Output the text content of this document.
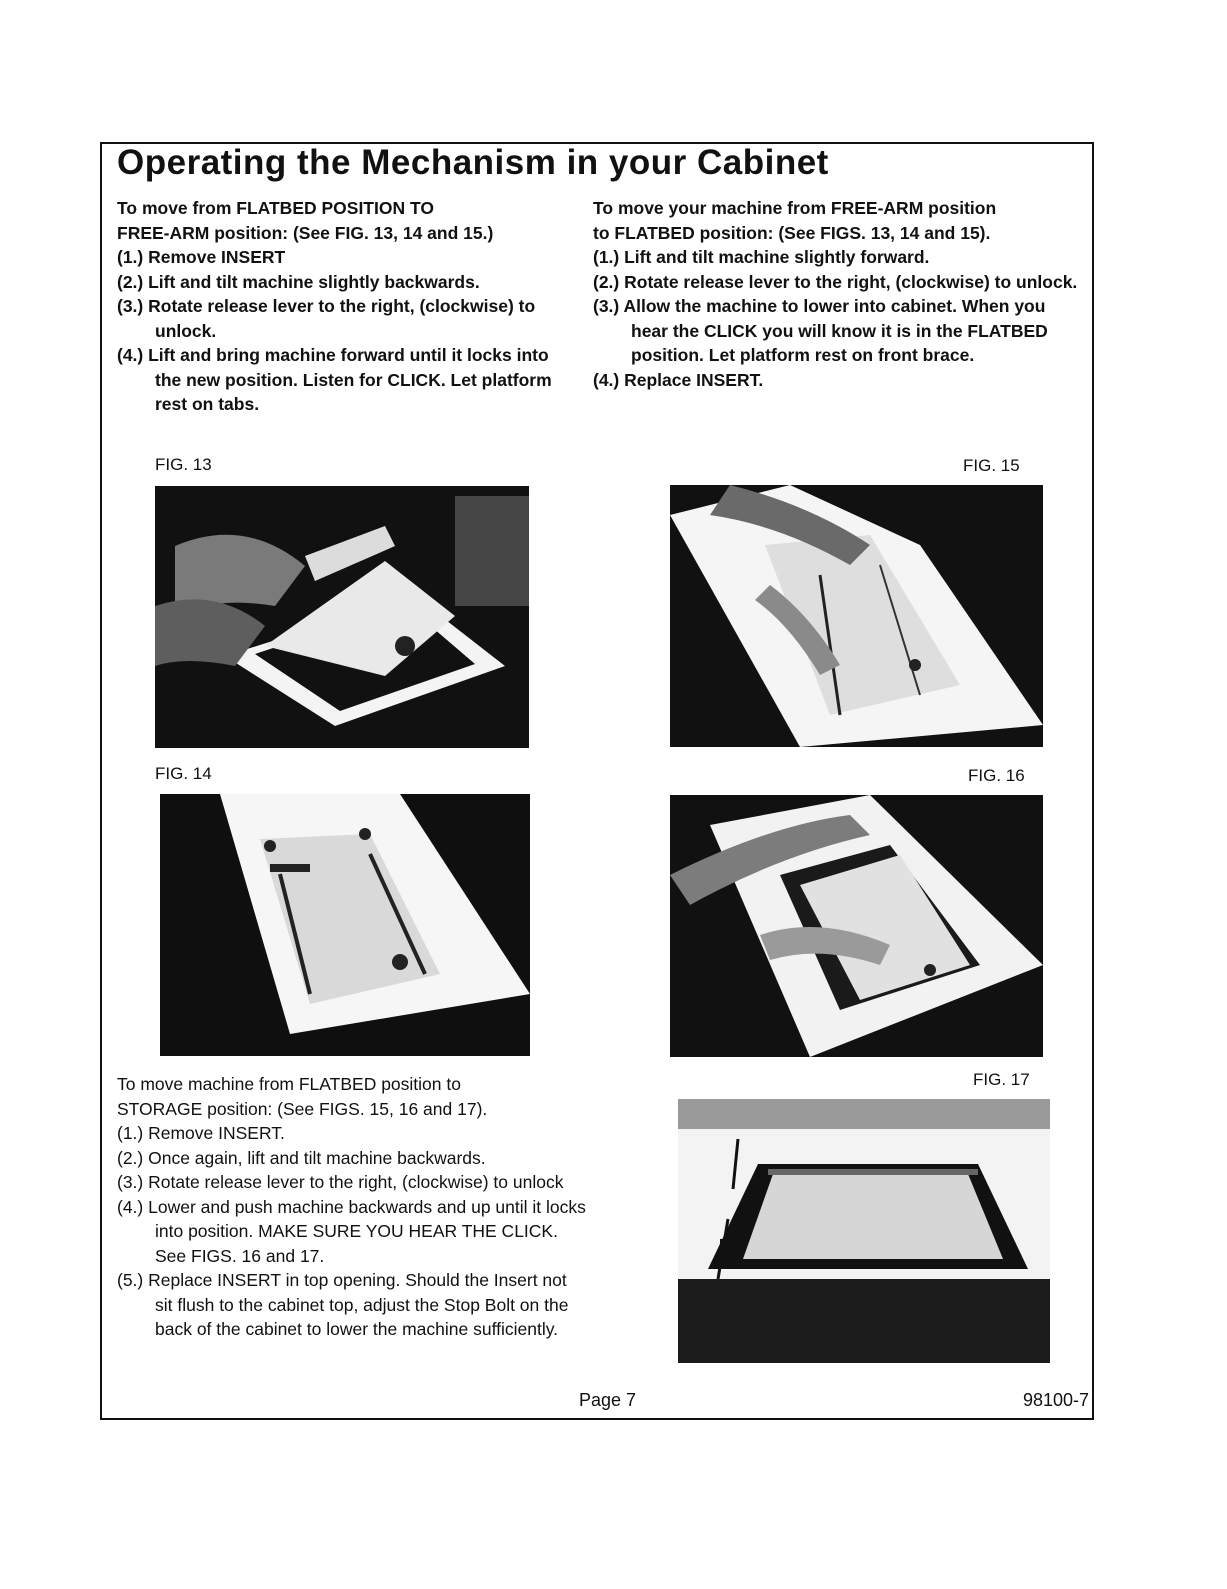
Operating the Mechanism in your Cabinet

To move from FLATBED POSITION TO

FREE-ARM position: (See FIG. 13, 14 and 15.)

(1.) Remove INSERT

(2.) Lift and tilt machine slightly backwards.

(3.) Rotate release lever to the right, (clockwise) to unlock.

(4.) Lift and bring machine forward until it locks into the new position. Listen for CLICK. Let platform rest on tabs.

To move your machine from FREE-ARM position

to FLATBED position: (See FIGS. 13, 14 and 15).

(1.) Lift and tilt machine slightly forward.

(2.) Rotate release lever to the right, (clockwise) to unlock.

(3.) Allow the machine to lower into cabinet. When you hear the CLICK you will know it is in the FLATBED position. Let platform rest on front brace.

(4.) Replace INSERT.

FIG. 13	FIG. 15
FIG. 14	FIG. 16
FIG. 17

To move machine from FLATBED position to

STORAGE position: (See FIGS. 15, 16 and 17).

(1.) Remove INSERT.

(2.) Once again, lift and tilt machine backwards.

(3.) Rotate release lever to the right, (clockwise) to unlock

(4.) Lower and push machine backwards and up until it locks into position. MAKE SURE YOU HEAR THE CLICK. See FIGS. 16 and 17.

(5.) Replace INSERT in top opening. Should the Insert not sit flush to the cabinet top, adjust the Stop Bolt on the back of the cabinet to lower the machine sufficiently.

Page 7	98100-7
